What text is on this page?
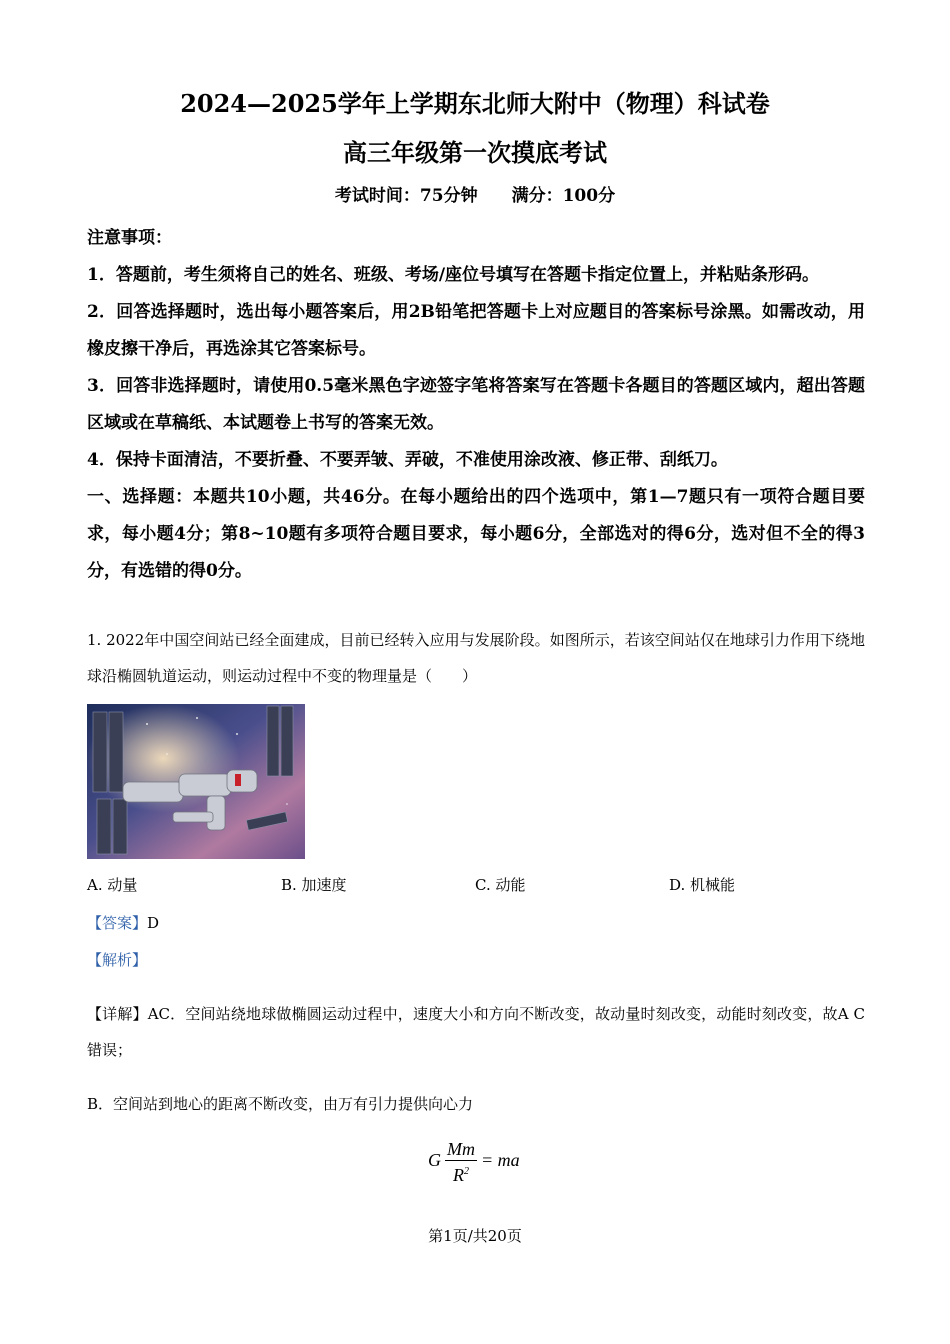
2024—2025学年上学期东北师大附中（物理）科试卷
高三年级第一次摸底考试
考试时间：75分钟 满分：100分

注意事项：

1．答题前，考生须将自己的姓名、班级、考场/座位号填写在答题卡指定位置上，并粘贴条形码。

2．回答选择题时，选出每小题答案后，用2B铅笔把答题卡上对应题目的答案标号涂黑。如需改动，用橡皮擦干净后，再选涂其它答案标号。

3．回答非选择题时，请使用0.5毫米黑色字迹签字笔将答案写在答题卡各题目的答题区域内，超出答题区域或在草稿纸、本试题卷上书写的答案无效。

4．保持卡面清洁，不要折叠、不要弄皱、弄破，不准使用涂改液、修正带、刮纸刀。

一、选择题：本题共10小题，共46分。在每小题给出的四个选项中，第1—7题只有一项符合题目要求，每小题4分；第8~10题有多项符合题目要求，每小题6分，全部选对的得6分，选对但不全的得3分，有选错的得0分。

1. 2022年中国空间站已经全面建成，目前已经转入应用与发展阶段。如图所示，若该空间站仅在地球引力作用下绕地球沿椭圆轨道运动，则运动过程中不变的物理量是（　　）
A. 动量	B. 加速度	C. 动能	D. 机械能
【答案】D
【解析】
【详解】AC．空间站绕地球做椭圆运动过程中，速度大小和方向不断改变，故动量时刻改变，动能时刻改变，故A C错误；
B．空间站到地心的距离不断改变，由万有引力提供向心力
G $\frac{Mm}{R^2}$ = ma
第1页/共20页
